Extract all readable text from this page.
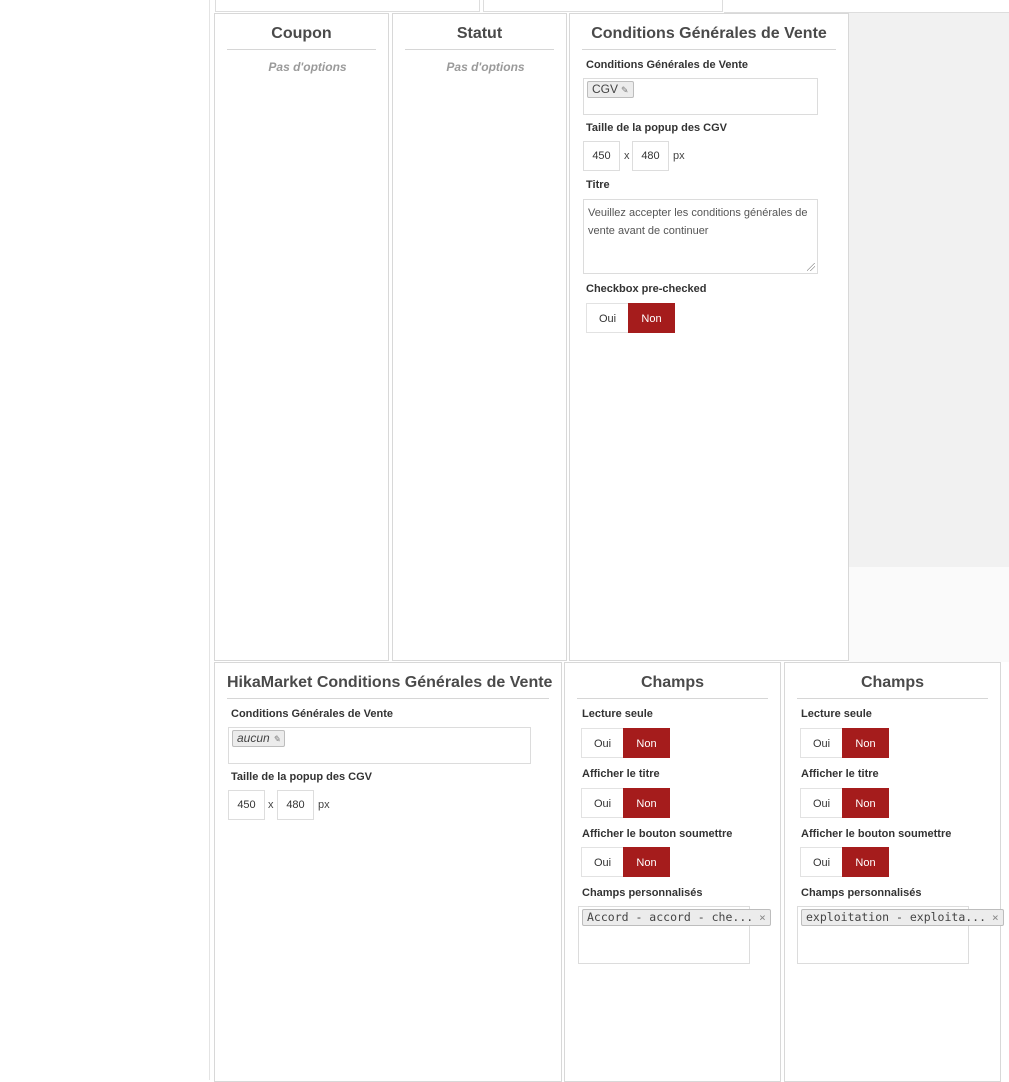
Coupon
Pas d'options
Statut
Pas d'options
Conditions Générales de Vente
Conditions Générales de Vente
CGV ✎
Taille de la popup des CGV
450	x	480	px
Titre
Veuillez accepter les conditions générales de vente avant de continuer
Checkbox pre-checked
Oui	Non
HikaMarket Conditions Générales de Vente
Conditions Générales de Vente
aucun ✎
Taille de la popup des CGV
450	x	480	px
Champs
Lecture seule
Oui	Non
Afficher le titre
Oui	Non
Afficher le bouton soumettre
Oui	Non
Champs personnalisés
Accord - accord - che... ×
Champs
Lecture seule
Oui	Non
Afficher le titre
Oui	Non
Afficher le bouton soumettre
Oui	Non
Champs personnalisés
exploitation - exploita... ×
